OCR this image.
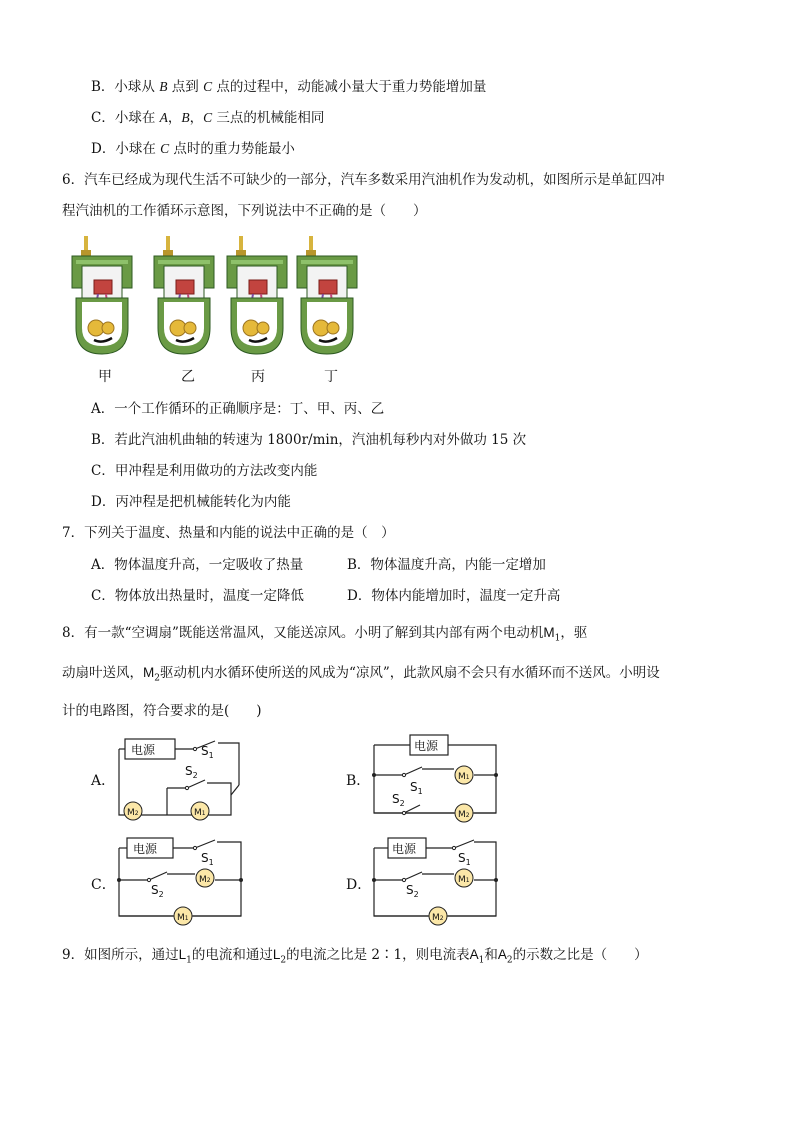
B．小球从 B 点到 C 点的过程中，动能减小量大于重力势能增加量
C．小球在 A，B，C 三点的机械能相同
D．小球在 C 点时的重力势能最小
6．汽车已经成为现代生活不可缺少的一部分，汽车多数采用汽油机作为发动机，如图所示是单缸四冲
程汽油机的工作循环示意图，下列说法中不正确的是（　　）
甲	乙	丙	丁
A．一个工作循环的正确顺序是：丁、甲、丙、乙
B．若此汽油机曲轴的转速为 1800r/min，汽油机每秒内对外做功 15 次
C．甲冲程是利用做功的方法改变内能
D．丙冲程是把机械能转化为内能
7．下列关于温度、热量和内能的说法中正确的是（　）
A．物体温度升高，一定吸收了热量	B．物体温度升高，内能一定增加
C．物体放出热量时，温度一定降低	D．物体内能增加时，温度一定升高
8．有一款“空调扇”既能送常温风，又能送凉风。小明了解到其内部有两个电动机$M_1$，驱
动扇叶送风，$M_2$驱动机内水循环使所送的风成为“凉风”，此款风扇不会只有水循环而不送风。小明设
计的电路图，符合要求的是(　　)
A．	B．
C．	D．
电源	$S_1$
$S_2$
M2	M1
电源
$S_1$
M1
$S_2$
M2
电源
$S_1$
$S_2$
M2
M1
电源
$S_1$
$S_2$
M1
M2
9．如图所示，通过$L_1$的电流和通过$L_2$的电流之比是 2∶1，则电流表$A_1$和$A_2$的示数之比是（　　）
